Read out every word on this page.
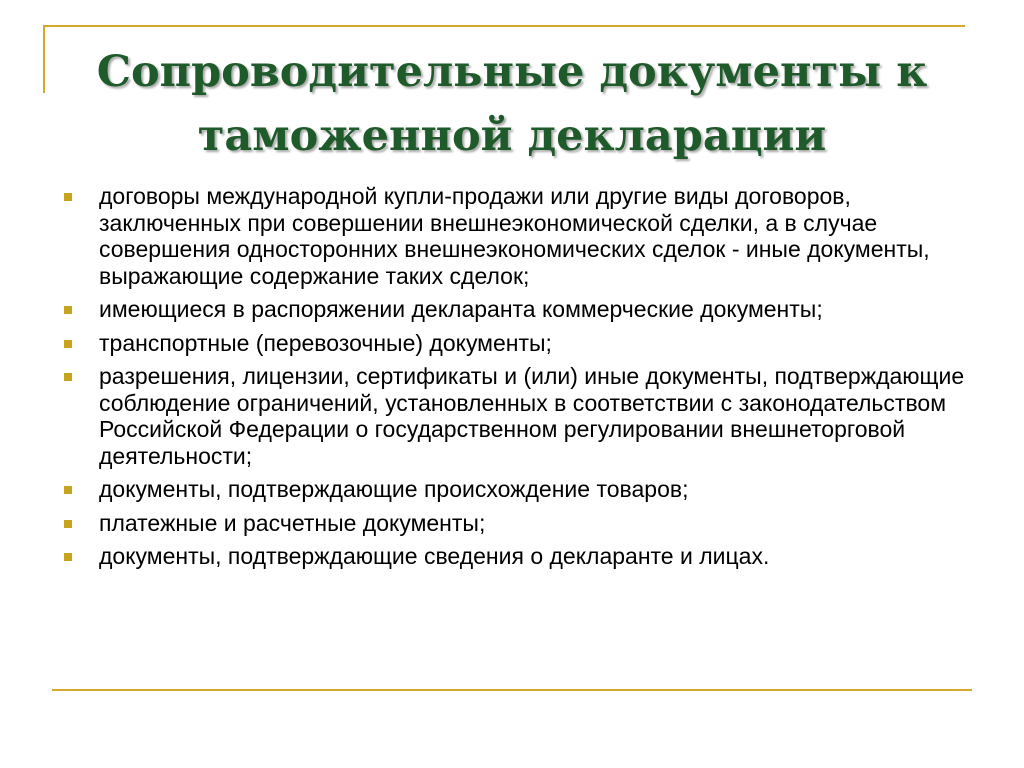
Сопроводительные документы к
таможенной декларации
договоры международной купли-продажи или другие виды договоров, заключенных при совершении внешнеэкономической сделки, а в случае совершения односторонних внешнеэкономических сделок - иные документы, выражающие содержание таких сделок;
имеющиеся в распоряжении декларанта коммерческие документы;
транспортные (перевозочные) документы;
разрешения, лицензии, сертификаты и (или) иные документы, подтверждающие соблюдение ограничений, установленных в соответствии с законодательством Российской Федерации о государственном регулировании внешнеторговой деятельности;
документы, подтверждающие происхождение товаров;
платежные и расчетные документы;
документы, подтверждающие сведения о декларанте и лицах.
